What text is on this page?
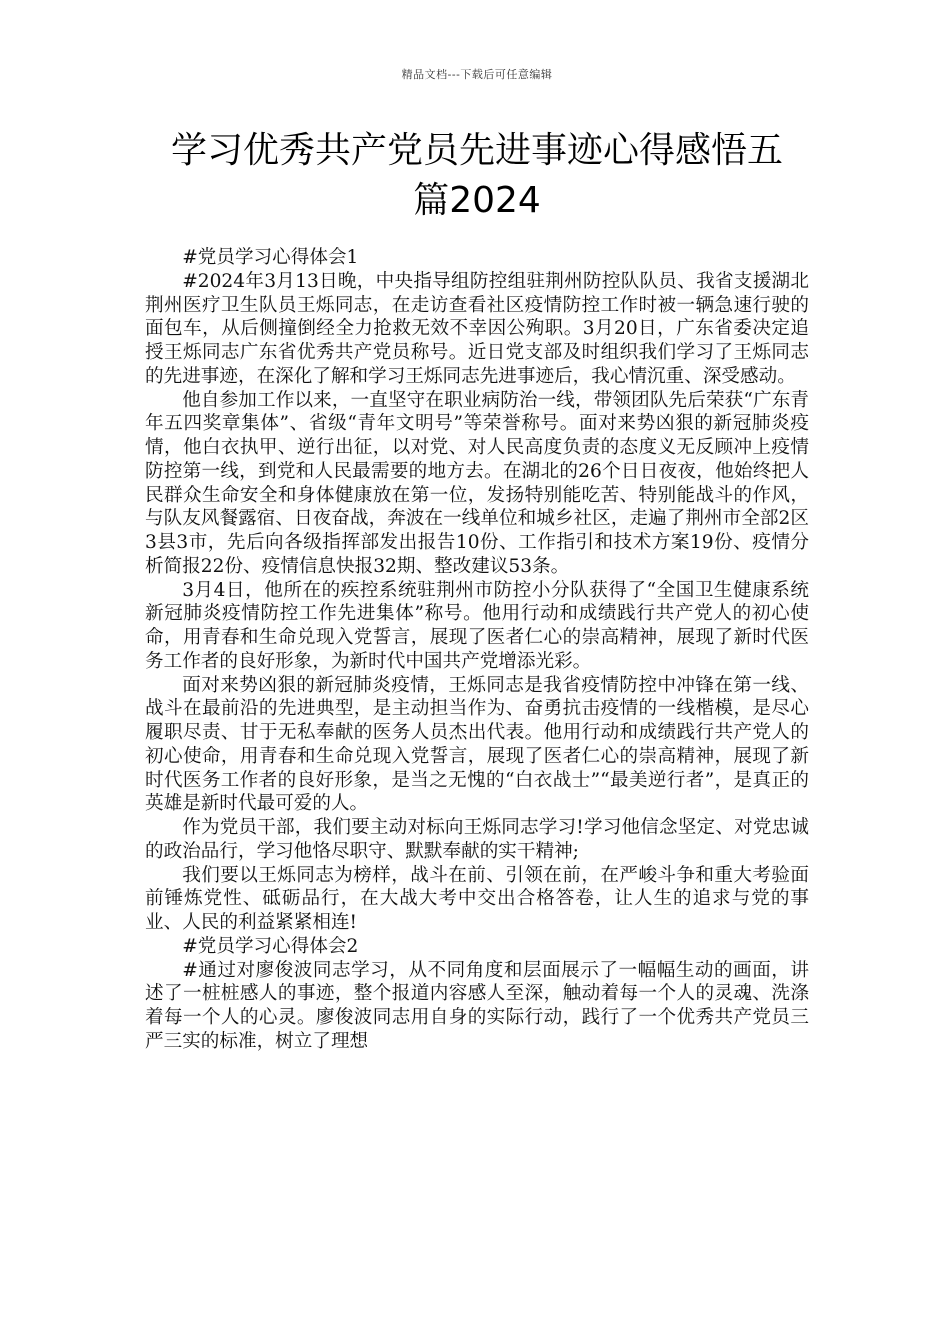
精品文档---下载后可任意编辑
学习优秀共产党员先进事迹心得感悟五
篇2024

#党员学习心得体会1

#2024年3月13日晚，中央指导组防控组驻荆州防控队队员、我省支援湖北荆州医疗卫生队员王烁同志，在走访查看社区疫情防控工作时被一辆急速行驶的面包车，从后侧撞倒经全力抢救无效不幸因公殉职。3月20日，广东省委决定追授王烁同志广东省优秀共产党员称号。近日党支部及时组织我们学习了王烁同志的先进事迹，在深化了解和学习王烁同志先进事迹后，我心情沉重、深受感动。

他自参加工作以来，一直坚守在职业病防治一线，带领团队先后荣获“广东青年五四奖章集体”、省级“青年文明号”等荣誉称号。面对来势凶狠的新冠肺炎疫情，他白衣执甲、逆行出征，以对党、对人民高度负责的态度义无反顾冲上疫情防控第一线，到党和人民最需要的地方去。在湖北的26个日日夜夜，他始终把人民群众生命安全和身体健康放在第一位，发扬特别能吃苦、特别能战斗的作风，与队友风餐露宿、日夜奋战，奔波在一线单位和城乡社区，走遍了荆州市全部2区3县3市，先后向各级指挥部发出报告10份、工作指引和技术方案19份、疫情分析简报22份、疫情信息快报32期、整改建议53条。

3月4日，他所在的疾控系统驻荆州市防控小分队获得了“全国卫生健康系统新冠肺炎疫情防控工作先进集体”称号。他用行动和成绩践行共产党人的初心使命，用青春和生命兑现入党誓言，展现了医者仁心的崇高精神，展现了新时代医务工作者的良好形象，为新时代中国共产党增添光彩。

面对来势凶狠的新冠肺炎疫情，王烁同志是我省疫情防控中冲锋在第一线、战斗在最前沿的先进典型，是主动担当作为、奋勇抗击疫情的一线楷模，是尽心履职尽责、甘于无私奉献的医务人员杰出代表。他用行动和成绩践行共产党人的初心使命，用青春和生命兑现入党誓言，展现了医者仁心的崇高精神，展现了新时代医务工作者的良好形象，是当之无愧的“白衣战士”“最美逆行者”，是真正的英雄是新时代最可爱的人。

作为党员干部，我们要主动对标向王烁同志学习!学习他信念坚定、对党忠诚的政治品行，学习他恪尽职守、默默奉献的实干精神;

我们要以王烁同志为榜样，战斗在前、引领在前，在严峻斗争和重大考验面前锤炼党性、砥砺品行，在大战大考中交出合格答卷，让人生的追求与党的事业、人民的利益紧紧相连!

#党员学习心得体会2

#通过对廖俊波同志学习，从不同角度和层面展示了一幅幅生动的画面，讲述了一桩桩感人的事迹，整个报道内容感人至深，触动着每一个人的灵魂、洗涤着每一个人的心灵。廖俊波同志用自身的实际行动，践行了一个优秀共产党员三严三实的标准，树立了理想
